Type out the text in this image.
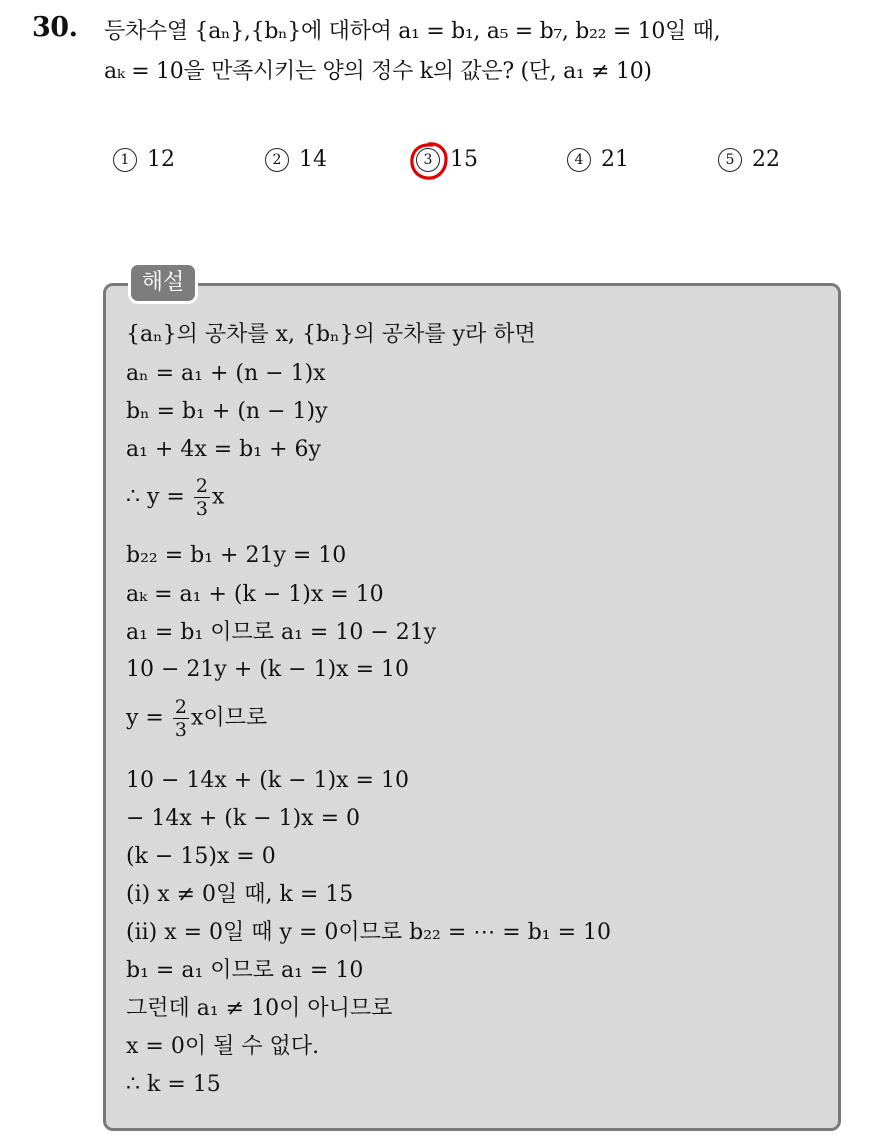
30. 등차수열 {aₙ},{bₙ}에 대하여 a₁ = b₁, a₅ = b₇, b₂₂ = 10일 때,
aₖ = 10을 만족시키는 양의 정수 k의 값은? (단, a₁ ≠ 10)
1 12	2 14	3 15	4 21	5 22
해설
{aₙ}의 공차를 x, {bₙ}의 공차를 y라 하면
aₙ = a₁ + (n − 1)x
bₙ = b₁ + (n − 1)y
a₁ + 4x = b₁ + 6y
∴ $y = \frac{2}{3}$ x
b₂₂ = b₁ + 21y = 10
aₖ = a₁ + (k − 1)x = 10
a₁ = b₁ 이므로 a₁ = 10 − 21y
10 − 21y + (k − 1)x = 10
$y = \frac{2}{3}$ x이므로
10 − 14x + (k − 1)x = 10
− 14x + (k − 1)x = 0
(k − 15)x = 0
(i) x ≠ 0일 때, k = 15
(ii) x = 0일 때 y = 0이므로 b₂₂ = ⋯ = b₁ = 10
b₁ = a₁ 이므로 a₁ = 10
그런데 a₁ ≠ 10이 아니므로
x = 0이 될 수 없다.
∴ k = 15
